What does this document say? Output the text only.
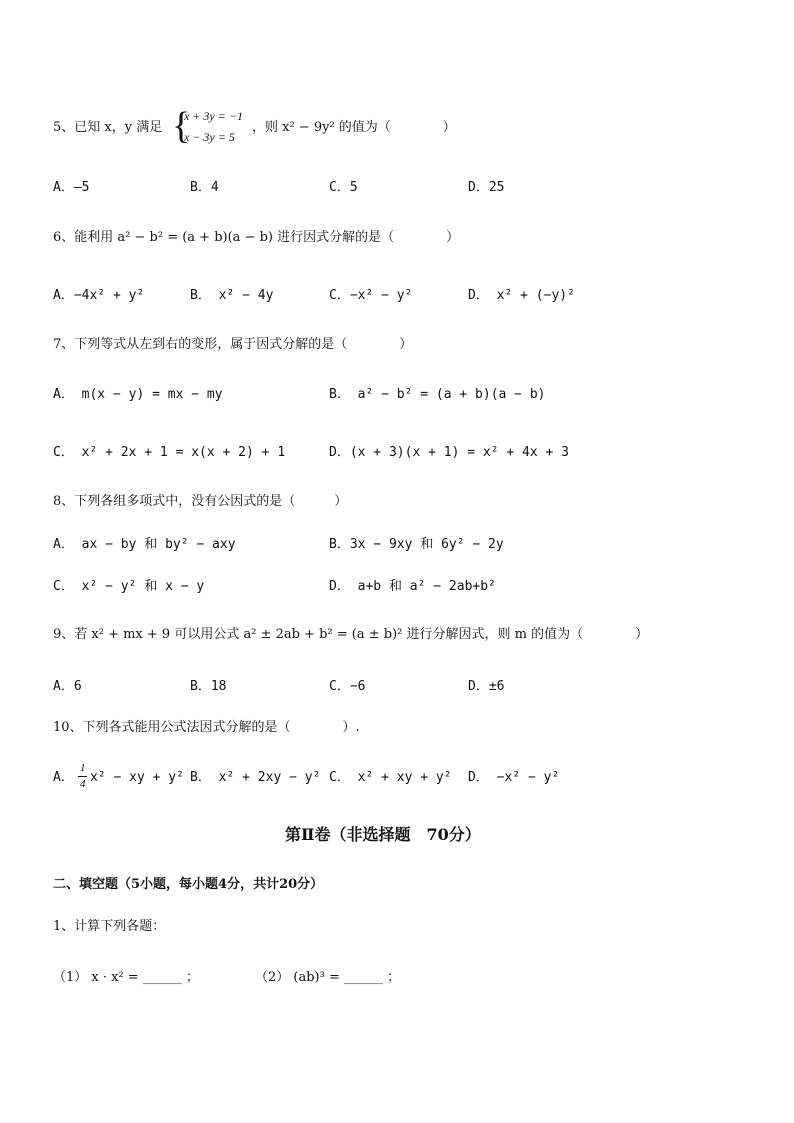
5、已知 x，y 满足 {
x + 3y = −1
x − 3y = 5
，则 x² − 9y² 的值为（　　　　）
A．—5	B．4	C．5	D．25
6、能利用 a² − b² = (a + b)(a − b) 进行因式分解的是（　　　　）
A．−4x² + y²	B． x² − 4y	C．−x² − y²	D． x² + (−y)²
7、下列等式从左到右的变形，属于因式分解的是（　　　　）
A． m(x − y) = mx − my	B． a² − b² = (a + b)(a − b)
C． x² + 2x + 1 = x(x + 2) + 1	D．(x + 3)(x + 1) = x² + 4x + 3
8、下列各组多项式中，没有公因式的是（　　　）
A． ax − by 和 by² − axy	B．3x − 9xy 和 6y² − 2y
C． x² − y² 和 x − y	D． a+b 和 a² − 2ab+b²
9、若 x² + mx + 9 可以用公式 a² ± 2ab + b² = (a ± b)² 进行分解因式，则 m 的值为（　　　　）
A．6	B．18	C．−6	D．±6
10、下列各式能用公式法因式分解的是（　　　　）.
A．
1
4 x² − xy + y² B． x² + 2xy − y² C． x² + xy + y² D． −x² − y²
第Ⅱ卷（非选择题　70分）
二、填空题（5小题，每小题4分，共计20分）
1、计算下列各题：
（1） x · x² = ______ ；	（2） (ab)³ = ______ ；
